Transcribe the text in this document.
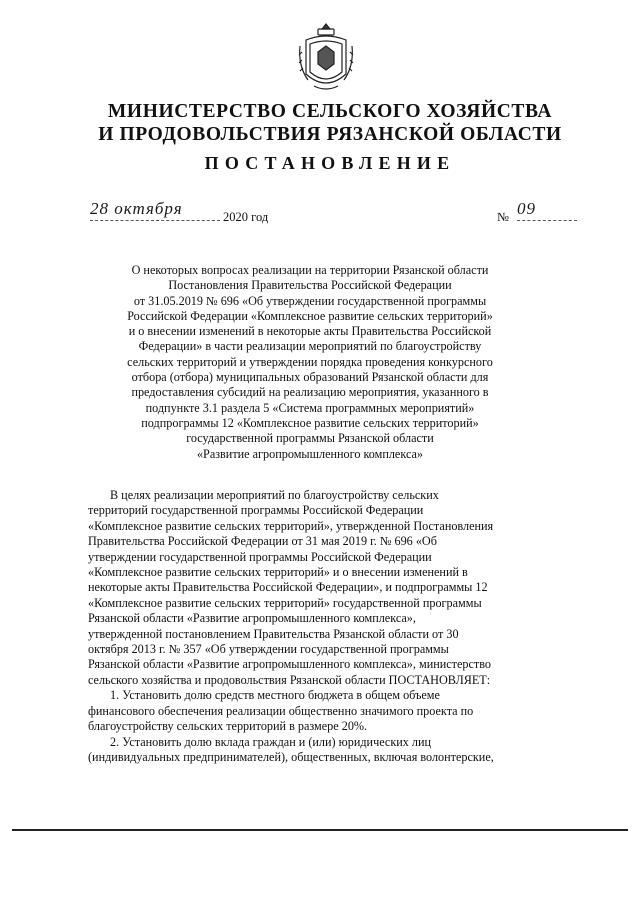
МИНИСТЕРСТВО СЕЛЬСКОГО ХОЗЯЙСТВА
И ПРОДОВОЛЬСТВИЯ РЯЗАНСКОЙ ОБЛАСТИ
ПОСТАНОВЛЕНИЕ
28 октября	2020 год	№ 09
О некоторых вопросах реализации на территории Рязанской области
Постановления Правительства Российской Федерации
от 31.05.2019 № 696 «Об утверждении государственной программы
Российской Федерации «Комплексное развитие сельских территорий»
и о внесении изменений в некоторые акты Правительства Российской
Федерации» в части реализации мероприятий по благоустройству
сельских территорий и утверждении порядка проведения конкурсного
отбора (отбора) муниципальных образований Рязанской области для
предоставления субсидий на реализацию мероприятия, указанного в
подпункте 3.1 раздела 5 «Система программных мероприятий»
подпрограммы 12 «Комплексное развитие сельских территорий»
государственной программы Рязанской области
«Развитие агропромышленного комплекса»
В целях реализации мероприятий по благоустройству сельских
территорий государственной программы Российской Федерации
«Комплексное развитие сельских территорий», утвержденной Постановления
Правительства Российской Федерации от 31 мая 2019 г. № 696 «Об
утверждении государственной программы Российской Федерации
«Комплексное развитие сельских территорий» и о внесении изменений в
некоторые акты Правительства Российской Федерации», и подпрограммы 12
«Комплексное развитие сельских территорий» государственной программы
Рязанской области «Развитие агропромышленного комплекса»,
утвержденной постановлением Правительства Рязанской области от 30
октября 2013 г. № 357 «Об утверждении государственной программы
Рязанской области «Развитие агропромышленного комплекса», министерство
сельского хозяйства и продовольствия Рязанской области ПОСТАНОВЛЯЕТ:
1. Установить долю средств местного бюджета в общем объеме
финансового обеспечения реализации общественно значимого проекта по
благоустройству сельских территорий в размере 20%.
2. Установить долю вклада граждан и (или) юридических лиц
(индивидуальных предпринимателей), общественных, включая волонтерские,
